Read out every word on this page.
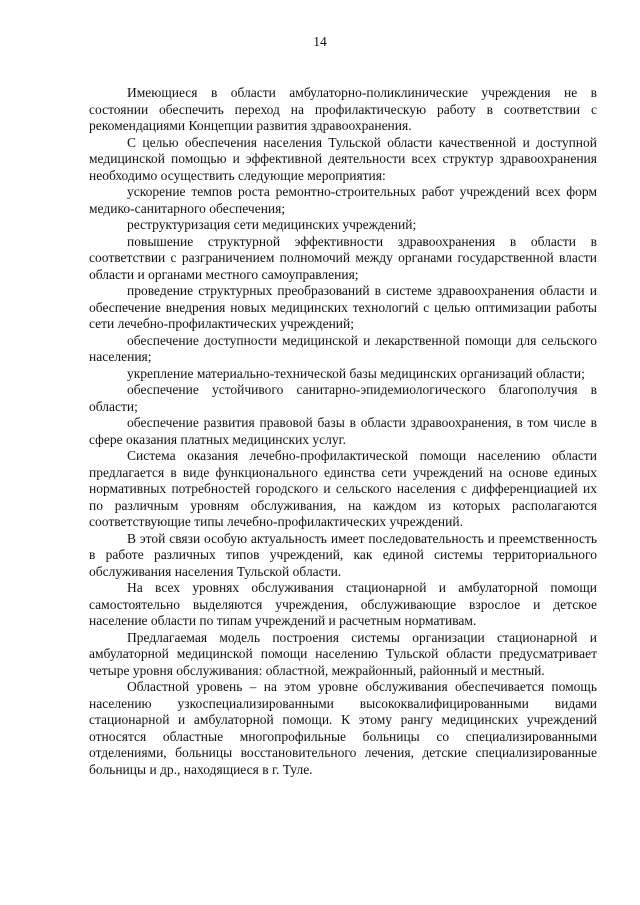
14

Имеющиеся в области амбулаторно-поликлинические учреждения не в состоянии обеспечить переход на профилактическую работу в соответствии с рекомендациями Концепции развития здравоохранения.

С целью обеспечения населения Тульской области качественной и доступной медицинской помощью и эффективной деятельности всех структур здравоохранения необходимо осуществить следующие мероприятия:

ускорение темпов роста ремонтно-строительных работ учреждений всех форм медико-санитарного обеспечения;

реструктуризация сети медицинских учреждений;

повышение структурной эффективности здравоохранения в области в соответствии с разграничением полномочий между органами государственной власти области и органами местного самоуправления;

проведение структурных преобразований в системе здравоохранения области и обеспечение внедрения новых медицинских технологий с целью оптимизации работы сети лечебно-профилактических учреждений;

обеспечение доступности медицинской и лекарственной помощи для сельского населения;

укрепление материально-технической базы медицинских организаций области;

обеспечение устойчивого санитарно-эпидемиологического благополучия в области;

обеспечение развития правовой базы в области здравоохранения, в том числе в сфере оказания платных медицинских услуг.

Система оказания лечебно-профилактической помощи населению области предлагается в виде функционального единства сети учреждений на основе единых нормативных потребностей городского и сельского населения с дифференциацией их по различным уровням обслуживания, на каждом из которых располагаются соответствующие типы лечебно-профилактических учреждений.

В этой связи особую актуальность имеет последовательность и преемственность в работе различных типов учреждений, как единой системы территориального обслуживания населения Тульской области.

На всех уровнях обслуживания стационарной и амбулаторной помощи самостоятельно выделяются учреждения, обслуживающие взрослое и детское население области по типам учреждений и расчетным нормативам.

Предлагаемая модель построения системы организации стационарной и амбулаторной медицинской помощи населению Тульской области предусматривает четыре уровня обслуживания: областной, межрайонный, районный и местный.

Областной уровень – на этом уровне обслуживания обеспечивается помощь населению узкоспециализированными высококвалифицированными видами стационарной и амбулаторной помощи. К этому рангу медицинских учреждений относятся областные многопрофильные больницы со специализированными отделениями, больницы восстановительного лечения, детские специализированные больницы и др., находящиеся в г. Туле.
